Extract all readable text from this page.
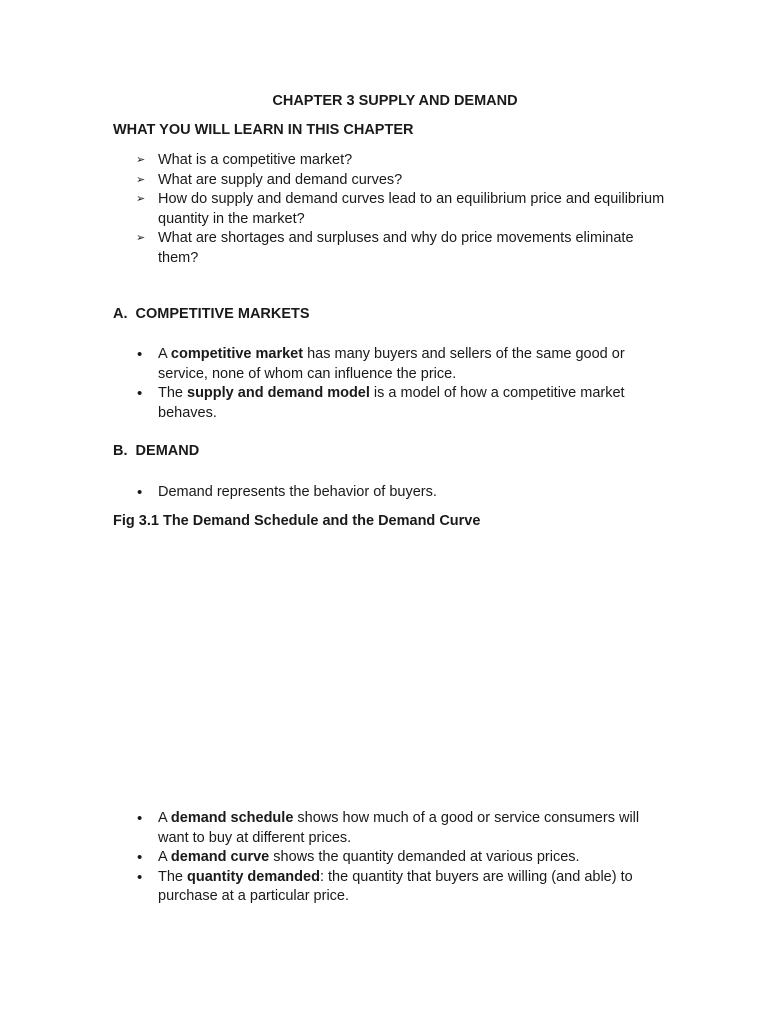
CHAPTER 3 SUPPLY AND DEMAND
WHAT YOU WILL LEARN IN THIS CHAPTER
➢ What is a competitive market?
➢ What are supply and demand curves?
➢ How do supply and demand curves lead to an equilibrium price and equilibrium quantity in the market?
➢ What are shortages and surpluses and why do price movements eliminate them?
A.  COMPETITIVE MARKETS
• A competitive market has many buyers and sellers of the same good or service, none of whom can influence the price.
• The supply and demand model is a model of how a competitive market behaves.
B.  DEMAND
• Demand represents the behavior of buyers.
Fig 3.1 The Demand Schedule and the Demand Curve
• A demand schedule shows how much of a good or service consumers will want to buy at different prices.
• A demand curve shows the quantity demanded at various prices.
• The quantity demanded: the quantity that buyers are willing (and able) to purchase at a particular price.
